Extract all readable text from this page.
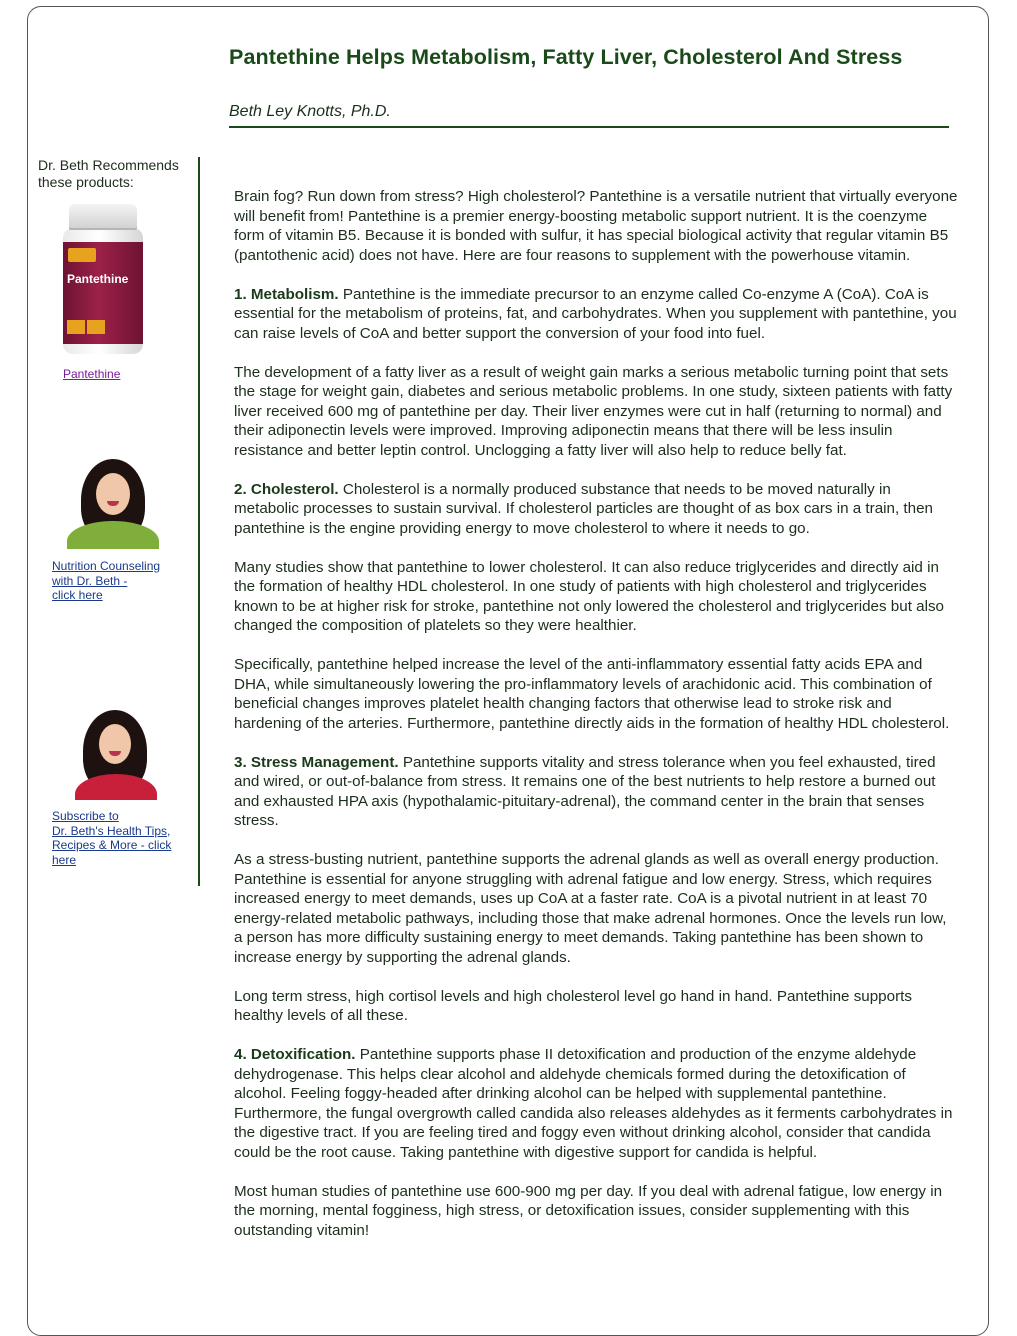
Pantethine Helps Metabolism, Fatty Liver, Cholesterol And Stress

Beth Ley Knotts, Ph.D.

Dr. Beth Recommends these products:

Pantethine
Pantethine
Nutrition Counseling
with Dr. Beth -
click here
Subscribe to
Dr. Beth's Health Tips,
Recipes & More - click
here

Brain fog? Run down from stress? High cholesterol? Pantethine is a versatile nutrient that virtually everyone will benefit from! Pantethine is a premier energy-boosting metabolic support nutrient. It is the coenzyme form of vitamin B5. Because it is bonded with sulfur, it has special biological activity that regular vitamin B5 (pantothenic acid) does not have. Here are four reasons to supplement with the powerhouse vitamin.

1. Metabolism. Pantethine is the immediate precursor to an enzyme called Co-enzyme A (CoA). CoA is essential for the metabolism of proteins, fat, and carbohydrates. When you supplement with pantethine, you can raise levels of CoA and better support the conversion of your food into fuel.

The development of a fatty liver as a result of weight gain marks a serious metabolic turning point that sets the stage for weight gain, diabetes and serious metabolic problems. In one study, sixteen patients with fatty liver received 600 mg of pantethine per day. Their liver enzymes were cut in half (returning to normal) and their adiponectin levels were improved. Improving adiponectin means that there will be less insulin resistance and better leptin control. Unclogging a fatty liver will also help to reduce belly fat.

2. Cholesterol. Cholesterol is a normally produced substance that needs to be moved naturally in metabolic processes to sustain survival. If cholesterol particles are thought of as box cars in a train, then pantethine is the engine providing energy to move cholesterol to where it needs to go.

Many studies show that pantethine to lower cholesterol. It can also reduce triglycerides and directly aid in the formation of healthy HDL cholesterol. In one study of patients with high cholesterol and triglycerides known to be at higher risk for stroke, pantethine not only lowered the cholesterol and triglycerides but also changed the composition of platelets so they were healthier.

Specifically, pantethine helped increase the level of the anti-inflammatory essential fatty acids EPA and DHA, while simultaneously lowering the pro-inflammatory levels of arachidonic acid. This combination of beneficial changes improves platelet health changing factors that otherwise lead to stroke risk and hardening of the arteries. Furthermore, pantethine directly aids in the formation of healthy HDL cholesterol.

3. Stress Management. Pantethine supports vitality and stress tolerance when you feel exhausted, tired and wired, or out-of-balance from stress. It remains one of the best nutrients to help restore a burned out and exhausted HPA axis (hypothalamic-pituitary-adrenal), the command center in the brain that senses stress.

As a stress-busting nutrient, pantethine supports the adrenal glands as well as overall energy production. Pantethine is essential for anyone struggling with adrenal fatigue and low energy. Stress, which requires increased energy to meet demands, uses up CoA at a faster rate. CoA is a pivotal nutrient in at least 70 energy-related metabolic pathways, including those that make adrenal hormones. Once the levels run low, a person has more difficulty sustaining energy to meet demands. Taking pantethine has been shown to increase energy by supporting the adrenal glands.

Long term stress, high cortisol levels and high cholesterol level go hand in hand. Pantethine supports healthy levels of all these.

4. Detoxification. Pantethine supports phase II detoxification and production of the enzyme aldehyde dehydrogenase. This helps clear alcohol and aldehyde chemicals formed during the detoxification of alcohol. Feeling foggy-headed after drinking alcohol can be helped with supplemental pantethine. Furthermore, the fungal overgrowth called candida also releases aldehydes as it ferments carbohydrates in the digestive tract. If you are feeling tired and foggy even without drinking alcohol, consider that candida could be the root cause. Taking pantethine with digestive support for candida is helpful.

Most human studies of pantethine use 600-900 mg per day. If you deal with adrenal fatigue, low energy in the morning, mental fogginess, high stress, or detoxification issues, consider supplementing with this outstanding vitamin!
